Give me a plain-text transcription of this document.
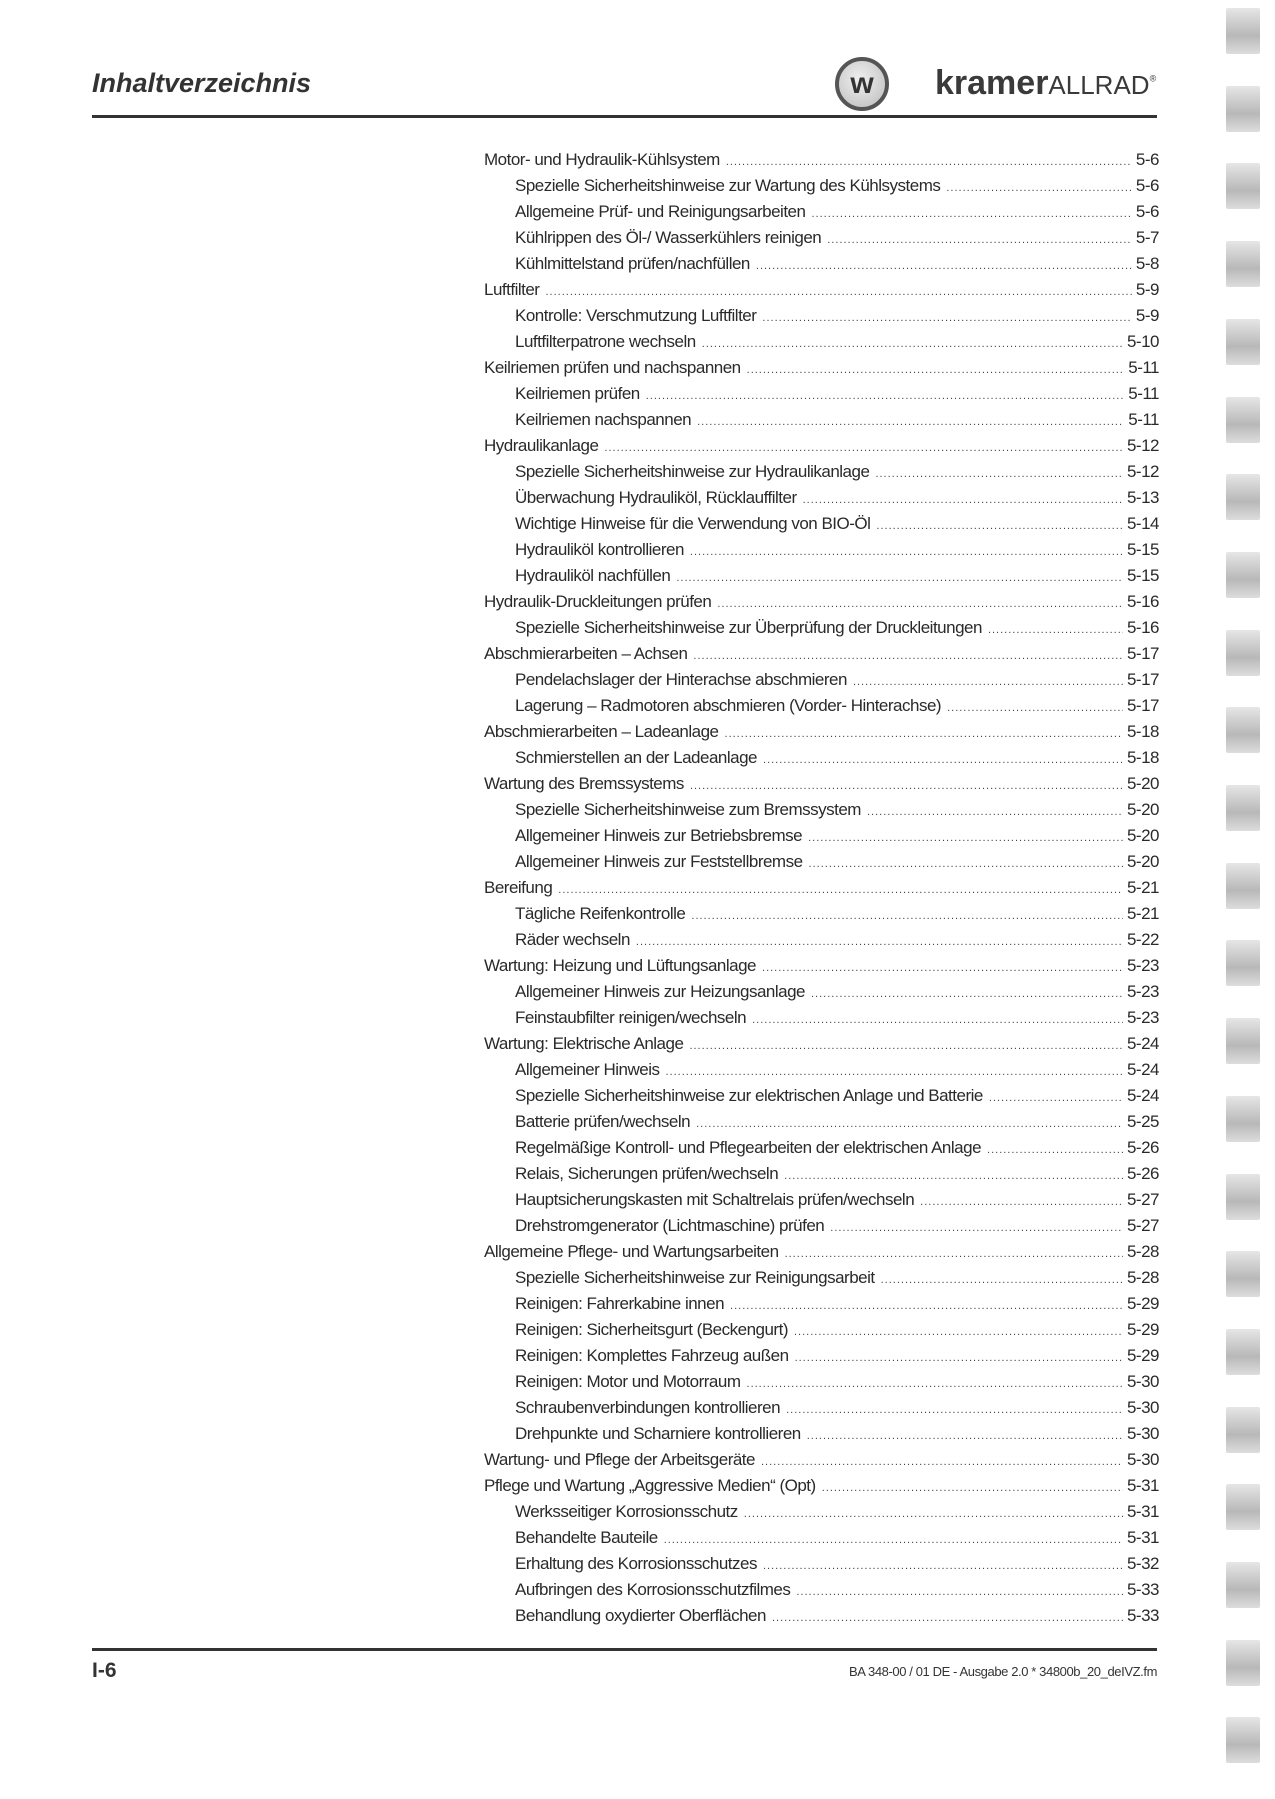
Inhaltverzeichnis	w kramerALLRAD®
Motor- und Hydraulik-Kühlsystem .....	5-6
Spezielle Sicherheitshinweise zur Wartung des Kühlsystems .....	5-6
Allgemeine Prüf- und Reinigungsarbeiten .....	5-6
Kühlrippen des Öl-/ Wasserkühlers reinigen .....	5-7
Kühlmittelstand prüfen/nachfüllen .....	5-8
Luftfilter .....	5-9
Kontrolle: Verschmutzung Luftfilter .....	5-9
Luftfilterpatrone wechseln .....	5-10
Keilriemen prüfen und nachspannen .....	5-11
Keilriemen prüfen .....	5-11
Keilriemen nachspannen .....	5-11
Hydraulikanlage .....	5-12
Spezielle Sicherheitshinweise zur Hydraulikanlage .....	5-12
Überwachung Hydrauliköl, Rücklauffilter .....	5-13
Wichtige Hinweise für die Verwendung von BIO-Öl .....	5-14
Hydrauliköl kontrollieren .....	5-15
Hydrauliköl nachfüllen .....	5-15
Hydraulik-Druckleitungen prüfen .....	5-16
Spezielle Sicherheitshinweise zur Überprüfung der Druckleitungen .....	5-16
Abschmierarbeiten – Achsen .....	5-17
Pendelachslager der Hinterachse abschmieren .....	5-17
Lagerung – Radmotoren abschmieren (Vorder- Hinterachse) .....	5-17
Abschmierarbeiten – Ladeanlage .....	5-18
Schmierstellen an der Ladeanlage .....	5-18
Wartung des Bremssystems .....	5-20
Spezielle Sicherheitshinweise zum Bremssystem .....	5-20
Allgemeiner Hinweis zur Betriebsbremse .....	5-20
Allgemeiner Hinweis zur Feststellbremse .....	5-20
Bereifung .....	5-21
Tägliche Reifenkontrolle .....	5-21
Räder wechseln .....	5-22
Wartung: Heizung und Lüftungsanlage .....	5-23
Allgemeiner Hinweis zur Heizungsanlage .....	5-23
Feinstaubfilter reinigen/wechseln .....	5-23
Wartung: Elektrische Anlage .....	5-24
Allgemeiner Hinweis .....	5-24
Spezielle Sicherheitshinweise zur elektrischen Anlage und Batterie .....	5-24
Batterie prüfen/wechseln .....	5-25
Regelmäßige Kontroll- und Pflegearbeiten der elektrischen Anlage .....	5-26
Relais, Sicherungen prüfen/wechseln .....	5-26
Hauptsicherungskasten mit Schaltrelais prüfen/wechseln .....	5-27
Drehstromgenerator (Lichtmaschine) prüfen .....	5-27
Allgemeine Pflege- und Wartungsarbeiten .....	5-28
Spezielle Sicherheitshinweise zur Reinigungsarbeit .....	5-28
Reinigen: Fahrerkabine innen .....	5-29
Reinigen: Sicherheitsgurt (Beckengurt) .....	5-29
Reinigen: Komplettes Fahrzeug außen .....	5-29
Reinigen: Motor und Motorraum .....	5-30
Schraubenverbindungen kontrollieren .....	5-30
Drehpunkte und Scharniere kontrollieren .....	5-30
Wartung- und Pflege der Arbeitsgeräte .....	5-30
Pflege und Wartung „Aggressive Medien“ (Opt) .....	5-31
Werksseitiger Korrosionsschutz .....	5-31
Behandelte Bauteile .....	5-31
Erhaltung des Korrosionsschutzes .....	5-32
Aufbringen des Korrosionsschutzfilmes .....	5-33
Behandlung oxydierter Oberflächen .....	5-33
I-6	BA 348-00 / 01 DE - Ausgabe 2.0 * 34800b_20_deIVZ.fm
